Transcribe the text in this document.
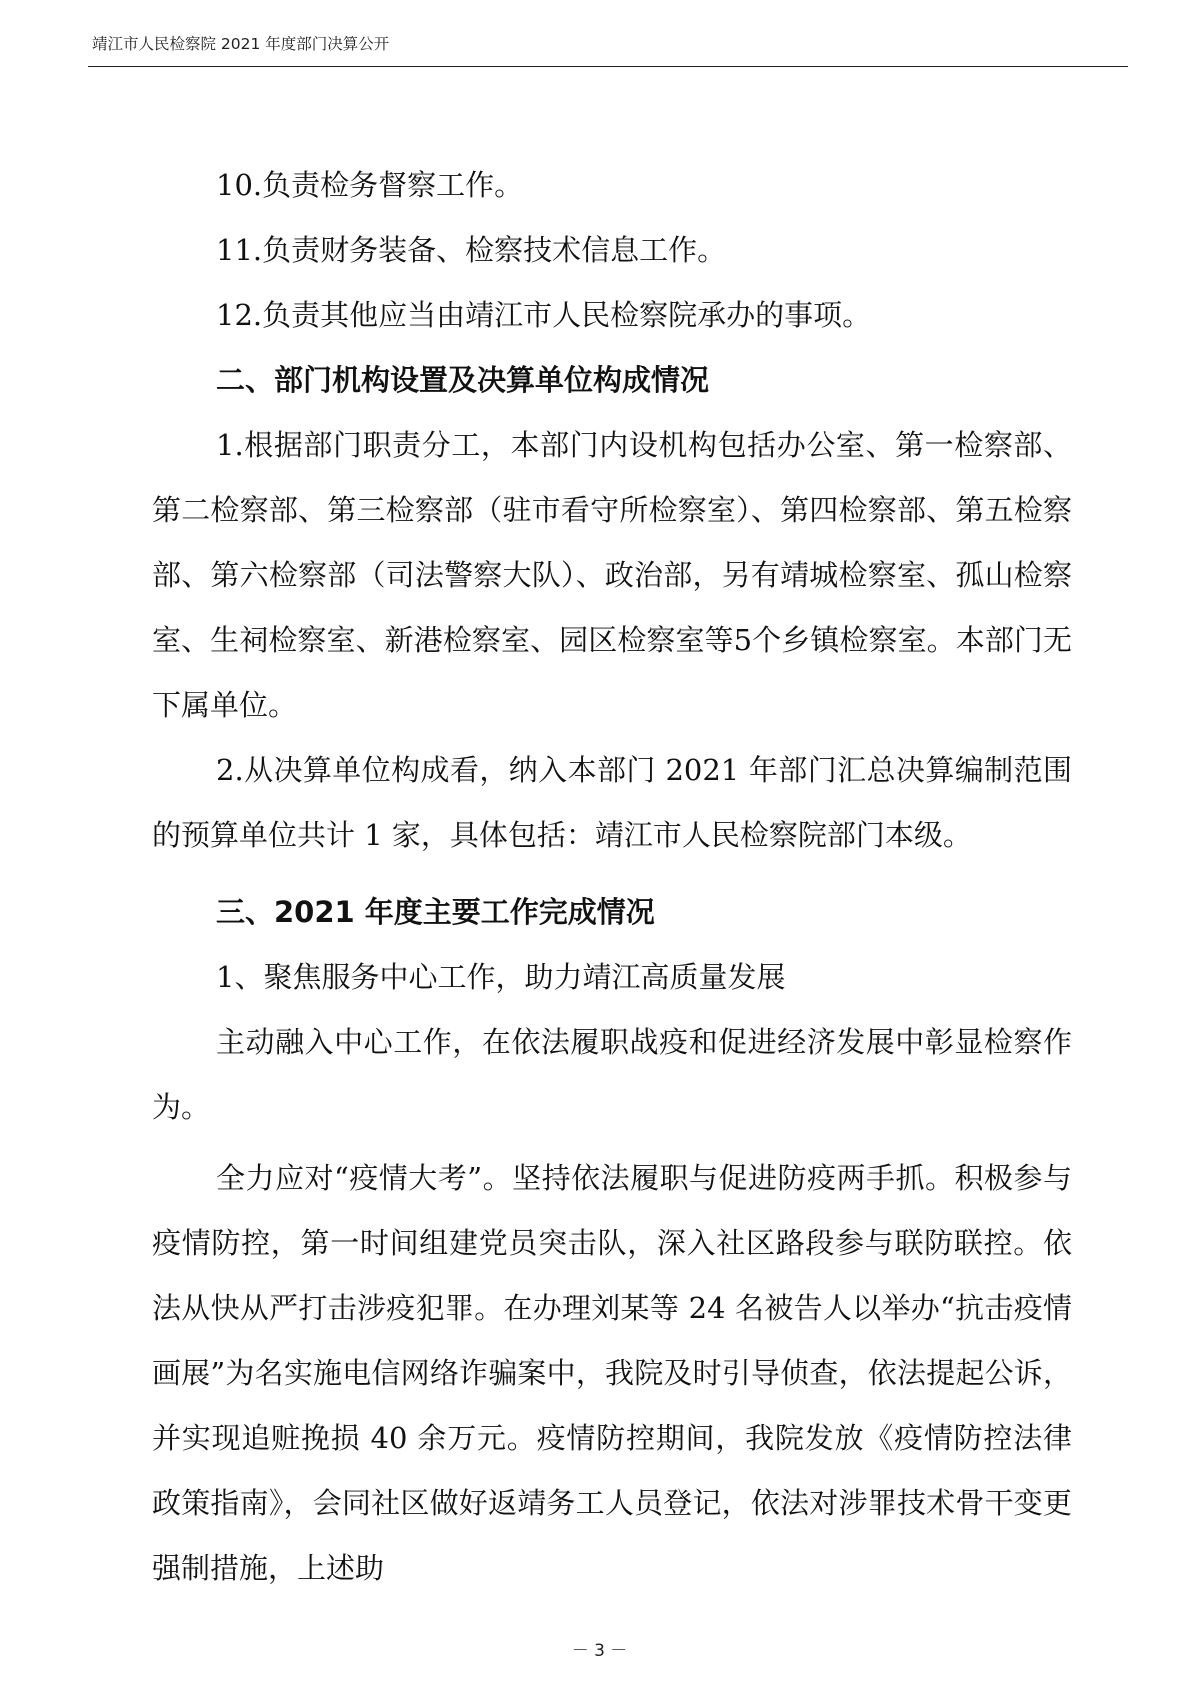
靖江市人民检察院 2021 年度部门决算公开

10.负责检务督察工作。

11.负责财务装备、检察技术信息工作。

12.负责其他应当由靖江市人民检察院承办的事项。

二、部门机构设置及决算单位构成情况

1.根据部门职责分工，本部门内设机构包括办公室、第一检察部、第二检察部、第三检察部（驻市看守所检察室）、第四检察部、第五检察部、第六检察部（司法警察大队）、政治部，另有靖城检察室、孤山检察室、生祠检察室、新港检察室、园区检察室等5个乡镇检察室。本部门无下属单位。

2.从决算单位构成看，纳入本部门 2021 年部门汇总决算编制范围的预算单位共计 1 家，具体包括：靖江市人民检察院部门本级。

三、2021 年度主要工作完成情况

1、聚焦服务中心工作，助力靖江高质量发展

主动融入中心工作，在依法履职战疫和促进经济发展中彰显检察作为。

全力应对“疫情大考”。坚持依法履职与促进防疫两手抓。积极参与疫情防控，第一时间组建党员突击队，深入社区路段参与联防联控。依法从快从严打击涉疫犯罪。在办理刘某等 24 名被告人以举办“抗击疫情画展”为名实施电信网络诈骗案中，我院及时引导侦查，依法提起公诉，并实现追赃挽损 40 余万元。疫情防控期间，我院发放《疫情防控法律政策指南》，会同社区做好返靖务工人员登记，依法对涉罪技术骨干变更强制措施，上述助

－ 3 －
